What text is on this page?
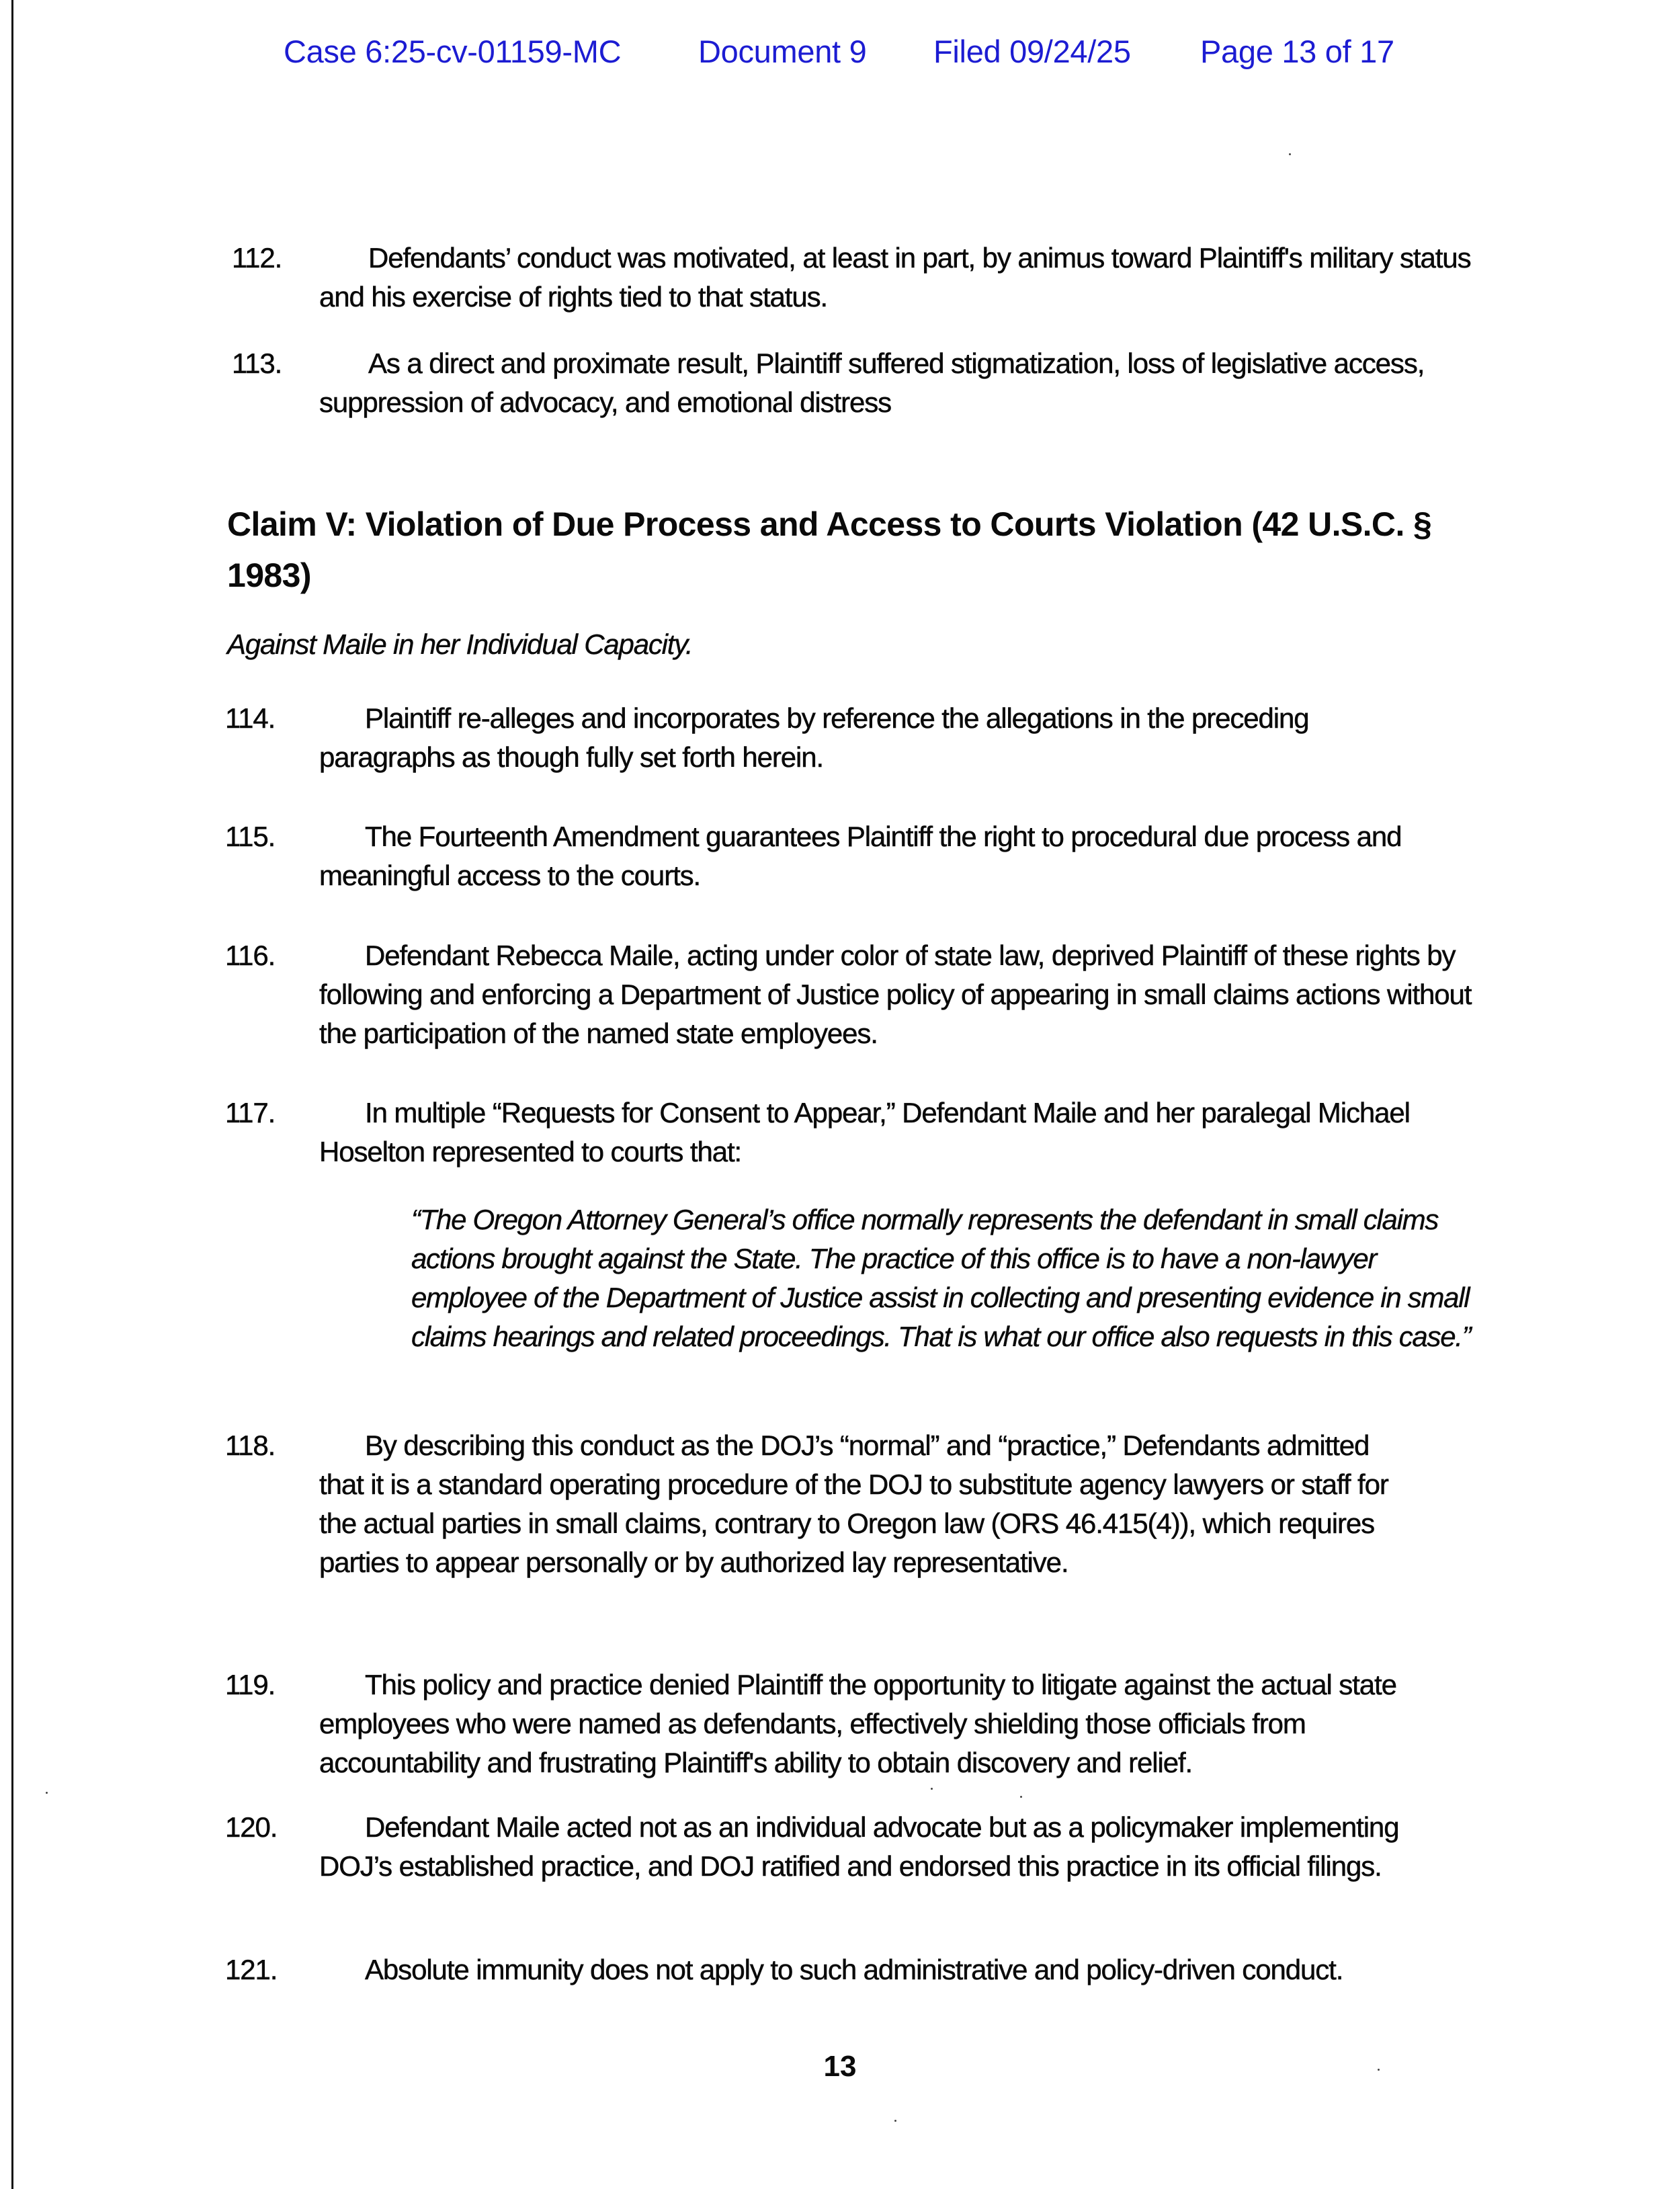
Case 6:25-cv-01159-MC	Document 9	Filed 09/24/25	Page 13 of 17
112.	Defendants’ conduct was motivated, at least in part, by animus toward Plaintiff's military status and his exercise of rights tied to that status.
113.	As a direct and proximate result, Plaintiff suffered stigmatization, loss of legislative access, suppression of advocacy, and emotional distress
Claim V: Violation of Due Process and Access to Courts Violation (42 U.S.C. § 1983)
Against Maile in her Individual Capacity.
114.	Plaintiff re-alleges and incorporates by reference the allegations in the preceding paragraphs as though fully set forth herein.
115.	The Fourteenth Amendment guarantees Plaintiff the right to procedural due process and meaningful access to the courts.
116.	Defendant Rebecca Maile, acting under color of state law, deprived Plaintiff of these rights by following and enforcing a Department of Justice policy of appearing in small claims actions without the participation of the named state employees.
117.	In multiple “Requests for Consent to Appear,” Defendant Maile and her paralegal Michael Hoselton represented to courts that:
“The Oregon Attorney General’s office normally represents the defendant in small claims actions brought against the State. The practice of this office is to have a non-lawyer employee of the Department of Justice assist in collecting and presenting evidence in small claims hearings and related proceedings. That is what our office also requests in this case.”
118.	By describing this conduct as the DOJ’s “normal” and “practice,” Defendants admitted that it is a standard operating procedure of the DOJ to substitute agency lawyers or staff for the actual parties in small claims, contrary to Oregon law (ORS 46.415(4)), which requires parties to appear personally or by authorized lay representative.
119.	This policy and practice denied Plaintiff the opportunity to litigate against the actual state employees who were named as defendants, effectively shielding those officials from accountability and frustrating Plaintiff's ability to obtain discovery and relief.
120.	Defendant Maile acted not as an individual advocate but as a policymaker implementing DOJ’s established practice, and DOJ ratified and endorsed this practice in its official filings.
121.	Absolute immunity does not apply to such administrative and policy-driven conduct.
13
